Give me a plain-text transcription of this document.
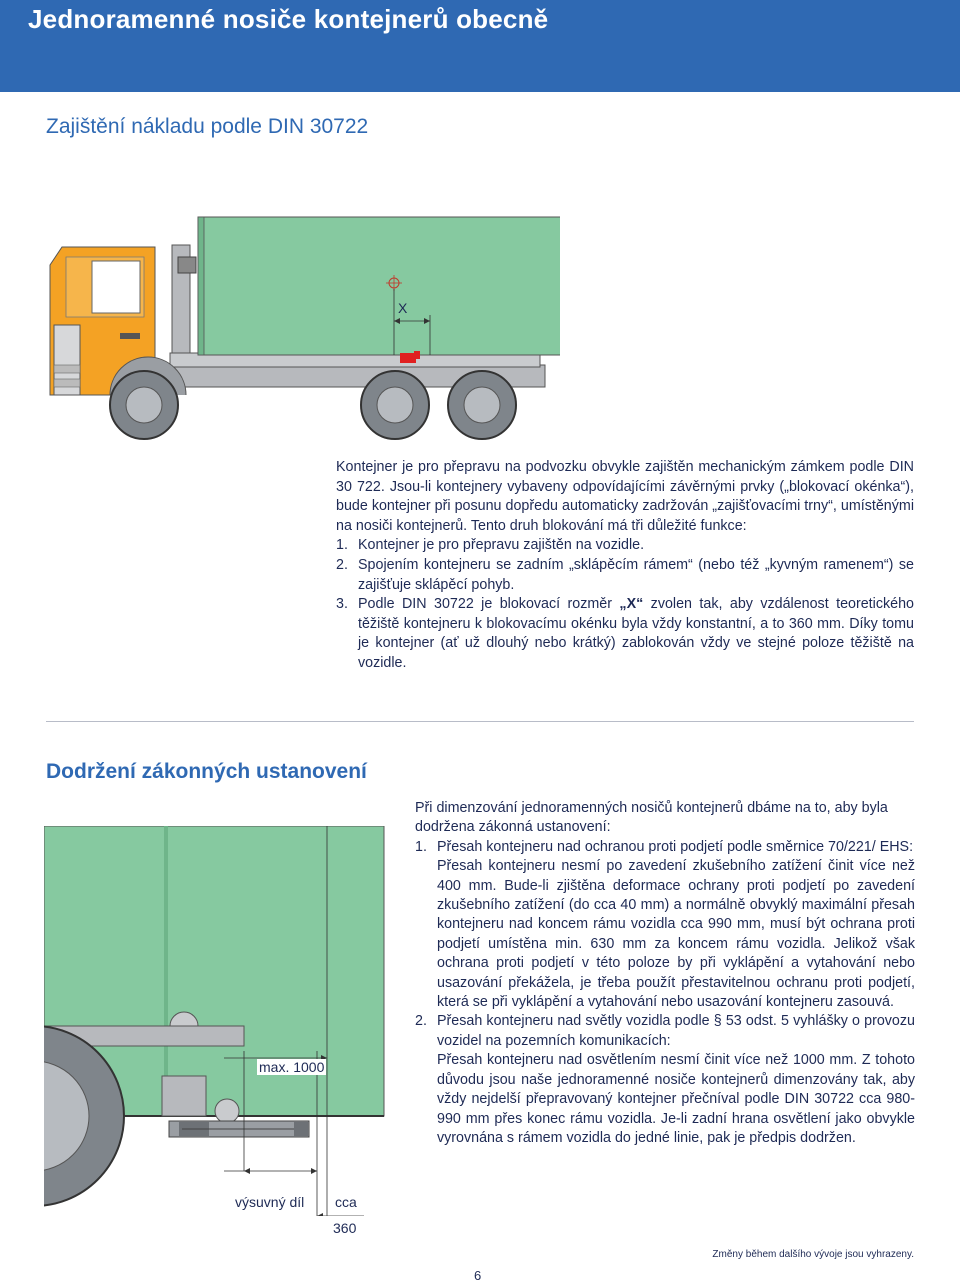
Jednoramenné nosiče kontejnerů obecně
Zajištění nákladu podle DIN 30722
X

Kontejner je pro přepravu na podvozku obvykle zajištěn mechanickým zámkem podle DIN 30 722. Jsou-li kontejnery vybaveny odpovídajícími závěrnými prvky („blokovací okénka“), bude kontejner při posunu dopředu automaticky zadržován „zajišťovacími trny“, umístěnými na nosiči kontejnerů. Tento druh blokování má tři důležité funkce:

1. Kontejner je pro přepravu zajištěn na vozidle.
2. Spojením kontejneru se zadním „sklápěcím rámem“ (nebo též „kyvným ramenem“) se zajišťuje sklápěcí pohyb.
3. Podle DIN 30722 je blokovací rozměr „X“ zvolen tak, aby vzdálenost teoretického těžiště kontejneru k blokovacímu okénku byla vždy konstantní, a to 360 mm. Díky tomu je kontejner (ať už dlouhý nebo krátký) zablokován vždy ve stejné poloze těžiště na vozidle.
Dodržení zákonných ustanovení
max. 1000
výsuvný díl cca
360

Při dimenzování jednoramenných nosičů kontejnerů dbáme na to, aby byla dodržena zákonná ustanovení:

1. Přesah kontejneru nad ochranou proti podjetí podle směrnice 70/221/ EHS:
Přesah kontejneru nesmí po zavedení zkušebního zatížení činit více než 400 mm. Bude-li zjištěna deformace ochrany proti podjetí po zavedení zkušebního zatížení (do cca 40 mm) a normálně obvyklý maximální přesah kontejneru nad koncem rámu vozidla cca 990 mm, musí být ochrana proti podjetí umístěna min. 630 mm za koncem rámu vozidla. Jelikož však ochrana proti podjetí v této poloze by při vyklápění a vytahování nebo usazování překážela, je třeba použít přestavitelnou ochranu proti podjetí, která se při vyklápění a vytahování nebo usazování kontejneru zasouvá.
2. Přesah kontejneru nad světly vozidla podle § 53 odst. 5 vyhlášky o provozu vozidel na pozemních komunikacích:
Přesah kontejneru nad osvětlením nesmí činit více než 1000 mm. Z tohoto důvodu jsou naše jednoramenné nosiče kontejnerů dimenzovány tak, aby vždy nejdelší přepravovaný kontejner přečníval podle DIN 30722 cca 980-990 mm přes konec rámu vozidla. Je-li zadní hrana osvětlení jako obvykle vyrovnána s rámem vozidla do jedné linie, pak je předpis dodržen.
Změny během dalšího vývoje jsou vyhrazeny.
6
